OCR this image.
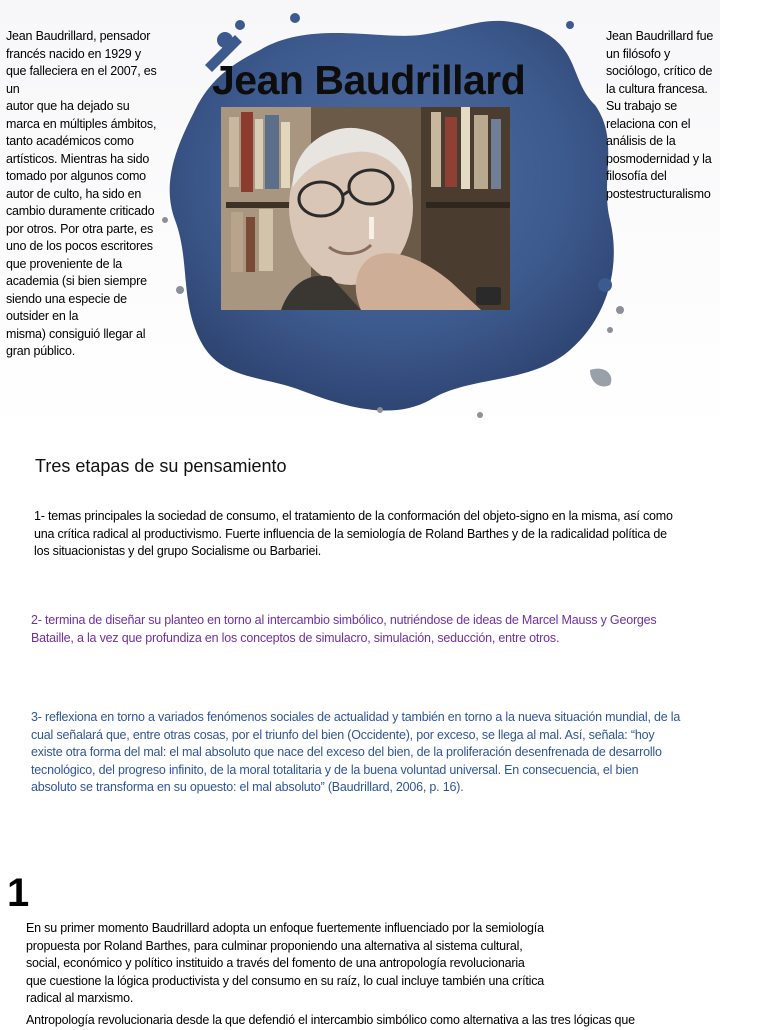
Jean Baudrillard, pensador
francés nacido en 1929 y
que falleciera en el 2007, es
un
autor que ha dejado su
marca en múltiples ámbitos,
tanto académicos como
artísticos. Mientras ha sido
tomado por algunos como
autor de culto, ha sido en
cambio duramente criticado
por otros. Por otra parte, es
uno de los pocos escritores
que proveniente de la
academia (si bien siempre
siendo una especie de
outsider en la
misma) consiguió llegar al
gran público.
Jean Baudrillard fue
un filósofo y
sociólogo, crítico de
la cultura francesa.
Su trabajo se
relaciona con el
análisis de la
posmodernidad y la
filosofía del
postestructuralismo
Jean Baudrillard
Tres etapas de su pensamiento
1- temas principales la sociedad de consumo, el tratamiento de la conformación del objeto-signo en la misma, así como una crítica radical al productivismo. Fuerte influencia de la semiología de Roland Barthes y de la radicalidad política de los situacionistas y del grupo Socialisme ou Barbariei.
2- termina de diseñar su planteo en torno al intercambio simbólico, nutriéndose de ideas de Marcel Mauss y Georges Bataille, a la vez que profundiza en los conceptos de simulacro, simulación, seducción, entre otros.
3- reflexiona en torno a variados fenómenos sociales de actualidad y también en torno a la nueva situación mundial, de la cual señalará que, entre otras cosas, por el triunfo del bien (Occidente), por exceso, se llega al mal. Así, señala: “hoy existe otra forma del mal: el mal absoluto que nace del exceso del bien, de la proliferación desenfrenada de desarrollo tecnológico, del progreso infinito, de la moral totalitaria y de la buena voluntad universal. En consecuencia, el bien absoluto se transforma en su opuesto: el mal absoluto” (Baudrillard, 2006, p. 16).
1
En su primer momento Baudrillard adopta un enfoque fuertemente influenciado por la semiología propuesta por Roland Barthes, para culminar proponiendo una alternativa al sistema cultural, social, económico y político instituido a través del fomento de una antropología revolucionaria que cuestione la lógica productivista y del consumo en su raíz, lo cual incluye también una crítica radical al marxismo.
Antropología revolucionaria desde la que defendió el intercambio simbólico como alternativa a las tres lógicas que
